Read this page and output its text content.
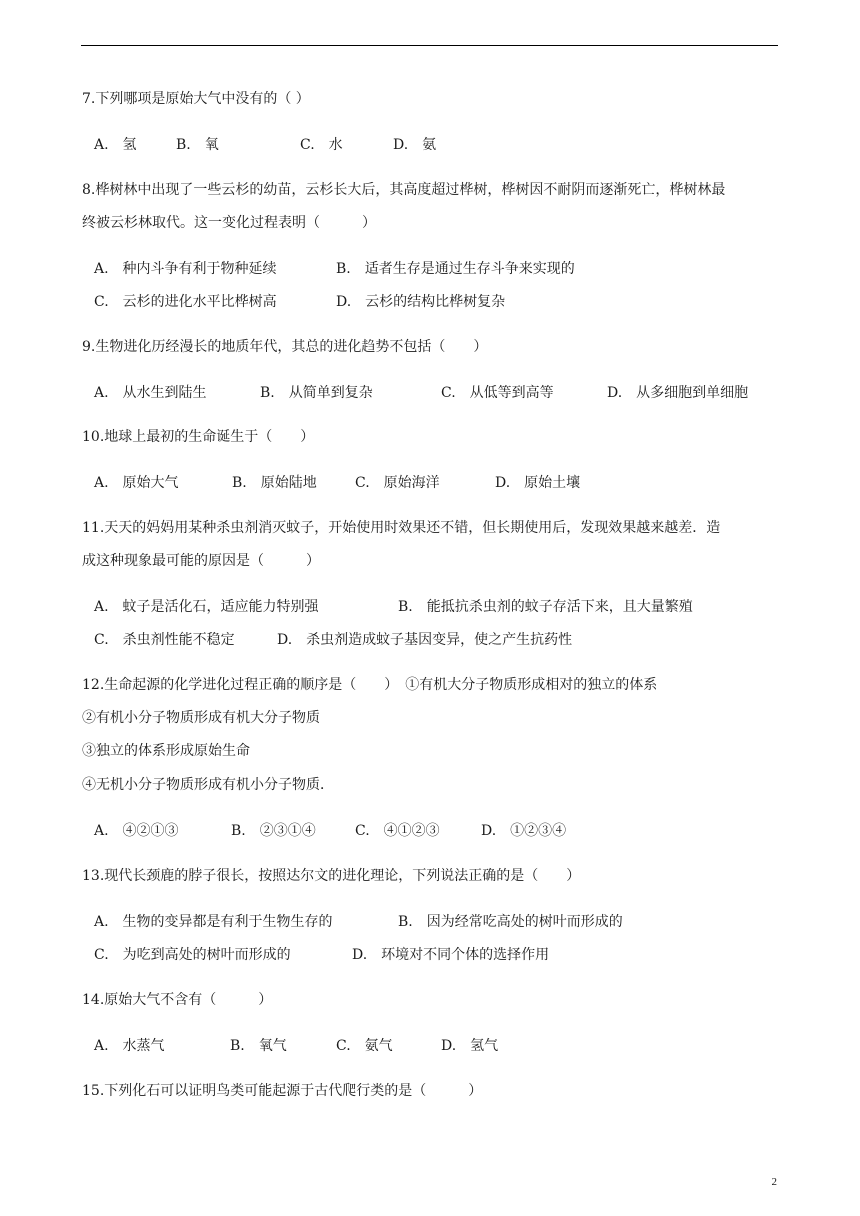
7.下列哪项是原始大气中没有的（ ）
A.　氢	B.　氧	C.　水	D.　氨
8.桦树林中出现了一些云杉的幼苗，云杉长大后，其高度超过桦树，桦树因不耐阴而逐渐死亡，桦树林最
终被云杉林取代。这一变化过程表明（　　　）
A.　种内斗争有利于物种延续	B.　适者生存是通过生存斗争来实现的
C.　云杉的进化水平比桦树高	D.　云杉的结构比桦树复杂
9.生物进化历经漫长的地质年代，其总的进化趋势不包括（　　）
A.　从水生到陆生	B.　从简单到复杂	C.　从低等到高等	D.　从多细胞到单细胞
10.地球上最初的生命诞生于（　　）
A.　原始大气	B.　原始陆地	C.　原始海洋	D.　原始土壤
11.天天的妈妈用某种杀虫剂消灭蚊子，开始使用时效果还不错，但长期使用后，发现效果越来越差．造
成这种现象最可能的原因是（　　　）
A.　蚊子是活化石，适应能力特别强	B.　能抵抗杀虫剂的蚊子存活下来，且大量繁殖
C.　杀虫剂性能不稳定	D.　杀虫剂造成蚊子基因变异，使之产生抗药性
12.生命起源的化学进化过程正确的顺序是（　　）　①有机大分子物质形成相对的独立的体系
②有机小分子物质形成有机大分子物质
③独立的体系形成原始生命
④无机小分子物质形成有机小分子物质．
A.　④②①③	B.　②③①④	C.　④①②③	D.　①②③④
13.现代长颈鹿的脖子很长，按照达尔文的进化理论，下列说法正确的是（　　）
A.　生物的变异都是有利于生物生存的	B.　因为经常吃高处的树叶而形成的
C.　为吃到高处的树叶而形成的	D.　环境对不同个体的选择作用
14.原始大气不含有（　　　）
A.　水蒸气	B.　氧气	C.　氨气	D.　氢气
15.下列化石可以证明鸟类可能起源于古代爬行类的是（　　　）
2
